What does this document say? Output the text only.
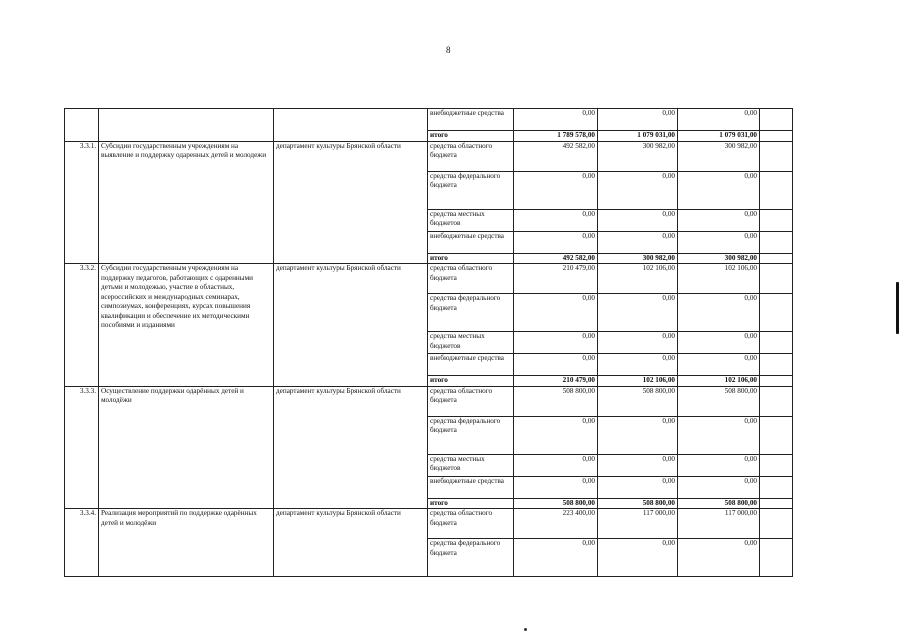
8
			внебюджетные средства	0,00	0,00	0,00	
			итого	1 789 578,00	1 079 031,00	1 079 031,00	
3.3.1.	Субсидии государственным учреждениям на выявление и поддержку одаренных детей и молодежи	департамент культуры Брянской области	средства областного бюджета	492 582,00	300 982,00	300 982,00	
			средства федерального бюджета	0,00	0,00	0,00	
			средства местных бюджетов	0,00	0,00	0,00	
			внебюджетные средства	0,00	0,00	0,00	
			итого	492 582,00	300 982,00	300 982,00	
3.3.2.	Субсидии государственным учреждениям на поддержку педагогов, работающих с одаренными детьми и молодежью, участие в областных, всероссийских и международных семинарах, симпозиумах, конференциях, курсах повышения квалификации и обеспечение их методическими пособиями и изданиями	департамент культуры Брянской области	средства областного бюджета	210 479,00	102 106,00	102 106,00	
			средства федерального бюджета	0,00	0,00	0,00	
			средства местных бюджетов	0,00	0,00	0,00	
			внебюджетные средства	0,00	0,00	0,00	
			итого	210 479,00	102 106,00	102 106,00	
3.3.3.	Осуществление поддержки одарённых детей и молодёжи	департамент культуры Брянской области	средства областного бюджета	508 800,00	508 800,00	508 800,00	
			средства федерального бюджета	0,00	0,00	0,00	
			средства местных бюджетов	0,00	0,00	0,00	
			внебюджетные средства	0,00	0,00	0,00	
			итого	508 800,00	508 800,00	508 800,00	
3.3.4.	Реализация мероприятий по поддержке одарённых детей и молодёжи	департамент культуры Брянской области	средства областного бюджета	223 400,00	117 000,00	117 000,00	
			средства федерального бюджета	0,00	0,00	0,00	
